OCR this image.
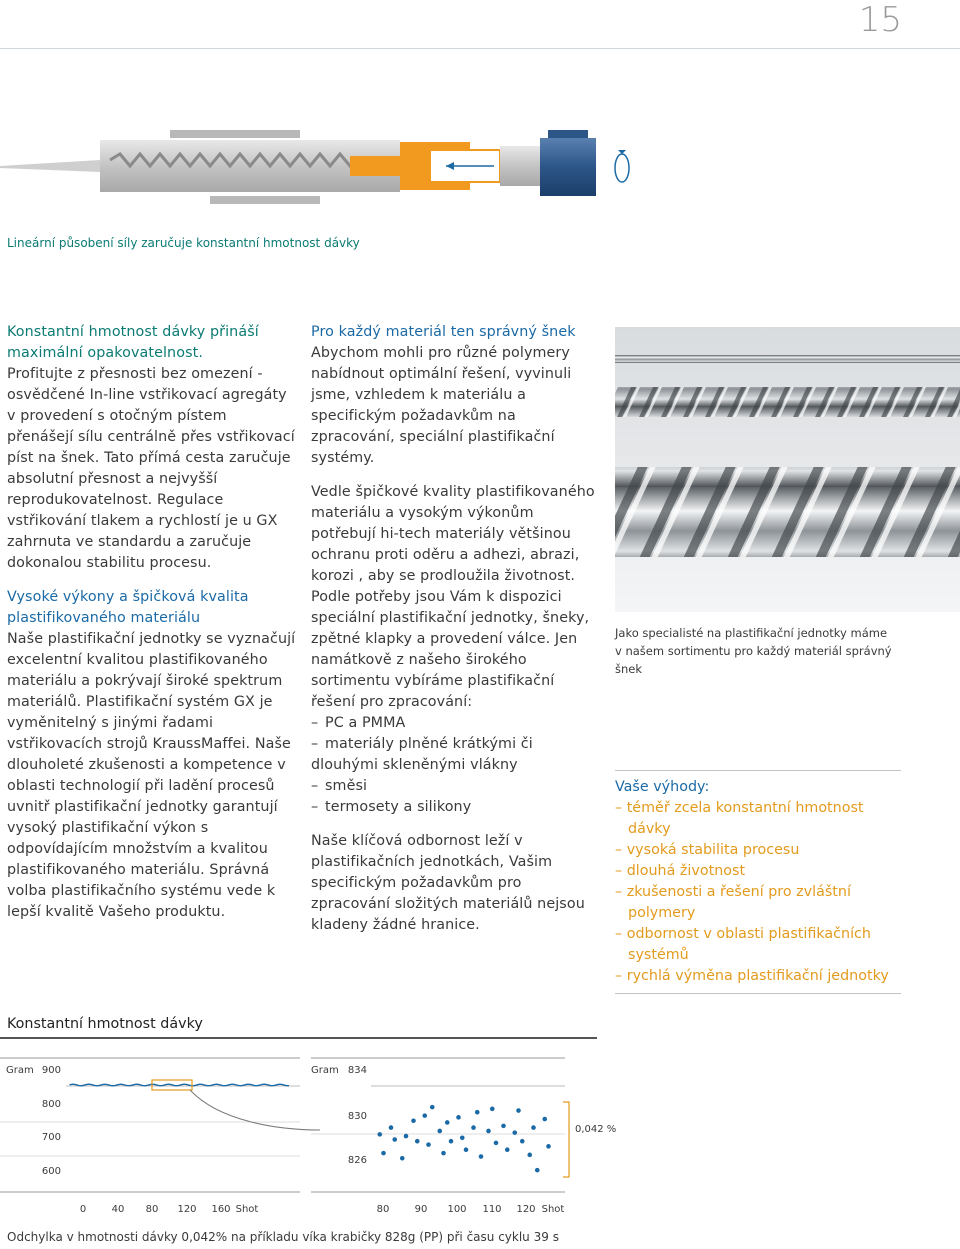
15
Lineární působení síly zaručuje konstantní hmotnost dávky

Konstantní hmotnost dávky přináší maximální opakovatelnost.
Profitujte z přesnosti bez omezení - osvědčené In-line vstřikovací agregáty v provedení s otočným pístem přenášejí sílu centrálně přes vstřikovací píst na šnek. Tato přímá cesta zaručuje absolutní přesnost a nejvyšší reprodukovatelnost. Regulace vstřikování tlakem a rychlostí je u GX zahrnuta ve standardu a zaručuje dokonalou stabilitu procesu.

Vysoké výkony a špičková kvalita plastifikovaného materiálu
Naše plastifikační jednotky se vyznačují excelentní kvalitou plastifikovaného materiálu a pokrývají široké spektrum materiálů. Plastifikační systém GX je vyměnitelný s jinými řadami vstřikovacích strojů KraussMaffei. Naše dlouholeté zkušenosti a kompetence v oblasti technologií při ladění procesů uvnitř plastifikační jednotky garantují vysoký plastifikační výkon s odpovídajícím množstvím a kvalitou plastifikovaného materiálu. Správná volba plastifikačního systému vede k lepší kvalitě Vašeho produktu.

Pro každý materiál ten správný šnek
Abychom mohli pro různé polymery nabídnout optimální řešení, vyvinuli jsme, vzhledem k materiálu a specifickým požadavkům na zpracování, speciální plastifikační systémy.

Vedle špičkové kvality plastifikovaného materiálu a vysokým výkonům potřebují hi-tech materiály většinou ochranu proti oděru a adhezi, abrazi, korozi , aby se prodloužila životnost. Podle potřeby jsou Vám k dispozici speciální plastifikační jednotky, šneky, zpětné klapky a provedení válce. Jen namátkově z našeho širokého sortimentu vybíráme plastifikační řešení pro zpracování:

– PC a PMMA
– materiály plněné krátkými či dlouhými skleněnými vlákny
– směsi
– termosety a silikony

Naše klíčová odbornost leží v plastifikačních jednotkách, Vašim specifickým požadavkům pro zpracování složitých materiálů nejsou kladeny žádné hranice.

Jako specialisté na plastifikační jednotky máme v našem sortimentu pro každý materiál správný šnek
Vaše výhody:
– téměř zcela konstantní hmotnost dávky
– vysoká stabilita procesu
– dlouhá životnost
– zkušenosti a řešení pro zvláštní polymery
– odbornost v oblasti plastifikačních systémů
– rychlá výměna plastifikační jednotky
Konstantní hmotnost dávky
Gram 900
800
700
600
0	40 80 120 160 Shot
Gram 834
830
826
0,042 %
80	90 100 110 120 Shot
Odchylka v hmotnosti dávky 0,042% na příkladu víka krabičky 828g (PP) při času cyklu 39 s
